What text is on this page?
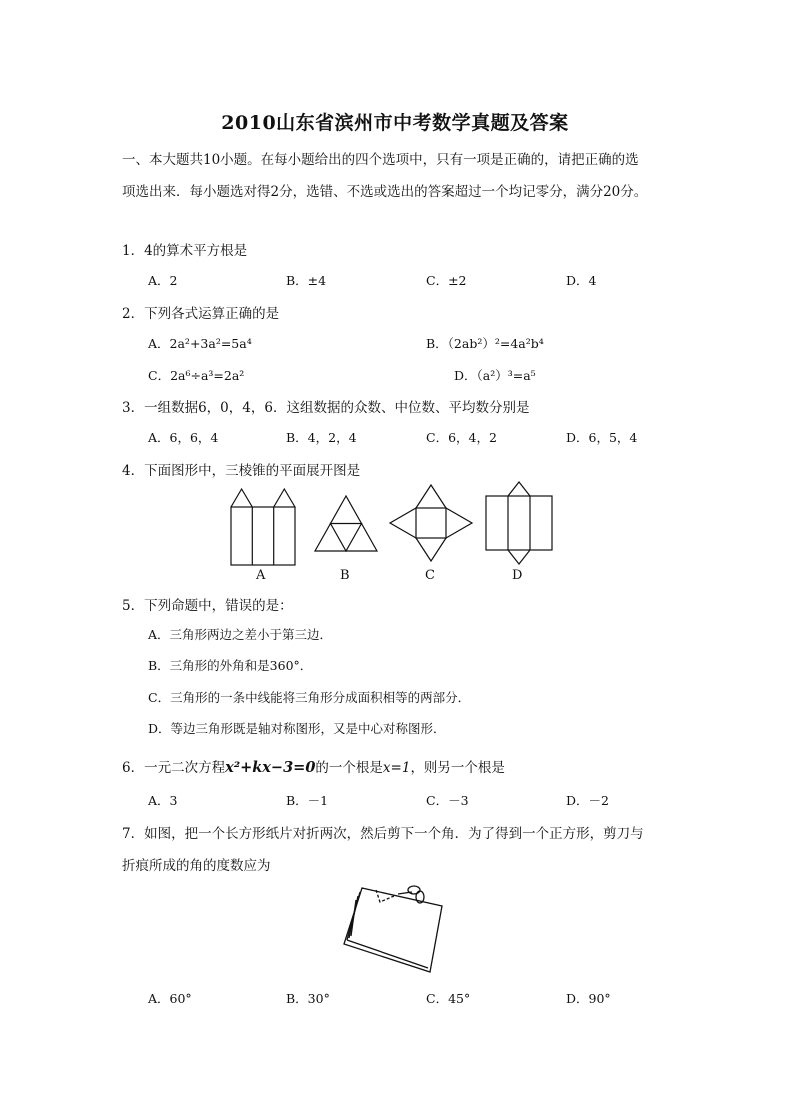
2010山东省滨州市中考数学真题及答案
一、本大题共10小题。在每小题给出的四个选项中，只有一项是正确的，请把正确的选
项选出来．每小题选对得2分，选错、不选或选出的答案超过一个均记零分，满分20分。
1．4的算术平方根是
A．2	B．±4	C．±2	D．4
2．下列各式运算正确的是
A．2a²+3a²=5a⁴	B．（2ab²）²=4a²b⁴
C．2a⁶÷a³=2a²	D．（a²）³=a⁵
3．一组数据6，0，4，6．这组数据的众数、中位数、平均数分别是
A．6，6，4	B．4，2，4	C．6，4，2	D．6，5，4
4．下面图形中，三棱锥的平面展开图是
A	B	C	D
5．下列命题中，错误的是：
A．三角形两边之差小于第三边．
B．三角形的外角和是360°．
C．三角形的一条中线能将三角形分成面积相等的两部分．
D．等边三角形既是轴对称图形，又是中心对称图形．
6．一元二次方程x²+kx−3=0的一个根是x=1，则另一个根是
A．3	B．－1	C．－3	D．－2
7．如图，把一个长方形纸片对折两次，然后剪下一个角．为了得到一个正方形，剪刀与
折痕所成的角的度数应为
A．60°	B．30°	C．45°	D．90°
